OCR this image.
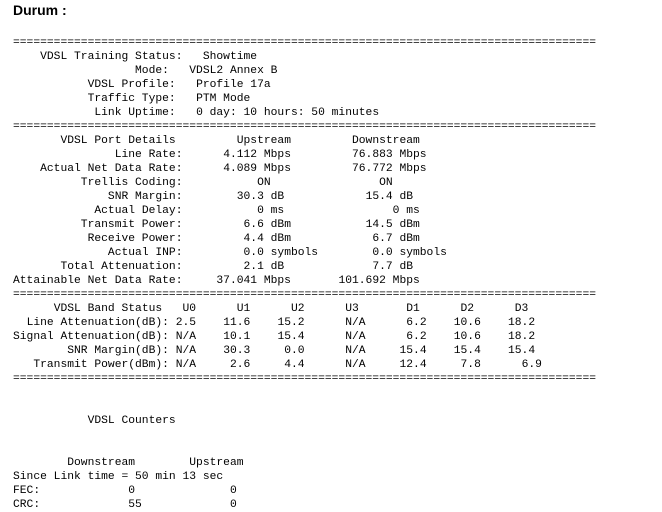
Durum :
======================================================================================
VDSL Training Status: Showtime
Mode: VDSL2 Annex B
VDSL Profile: Profile 17a
Traffic Type: PTM Mode
Link Uptime: 0 day: 10 hours: 50 minutes
======================================================================================
VDSL Port Details	Upstream	Downstream
Line Rate:	4.112 Mbps	76.883 Mbps
Actual Net Data Rate:	4.089 Mbps	76.772 Mbps
Trellis Coding:	ON	ON
SNR Margin:	30.3 dB	15.4 dB
Actual Delay:	0 ms	0 ms
Transmit Power:	6.6 dBm	14.5 dBm
Receive Power:	4.4 dBm	6.7 dBm
Actual INP:	0.0 symbols	0.0 symbols
Total Attenuation:	2.1 dB	7.7 dB
Attainable Net Data Rate:	37.041 Mbps	101.692 Mbps
======================================================================================
VDSL Band Status U0	U1	U2	U3	D1	D2	D3
Line Attenuation(dB): 2.5 11.6 15.2	N/A	6.2 10.6 18.2
Signal Attenuation(dB): N/A 10.1 15.4	N/A	6.2 10.6 18.2
SNR Margin(dB): N/A 30.3	0.0	N/A	15.4 15.4 15.4
Transmit Power(dBm): N/A	2.6	4.4	N/A	12.4	7.8	6.9
======================================================================================

VDSL Counters

Downstream	Upstream
Since Link time = 50 min 13 sec
FEC:	0	0
CRC:	55	0
